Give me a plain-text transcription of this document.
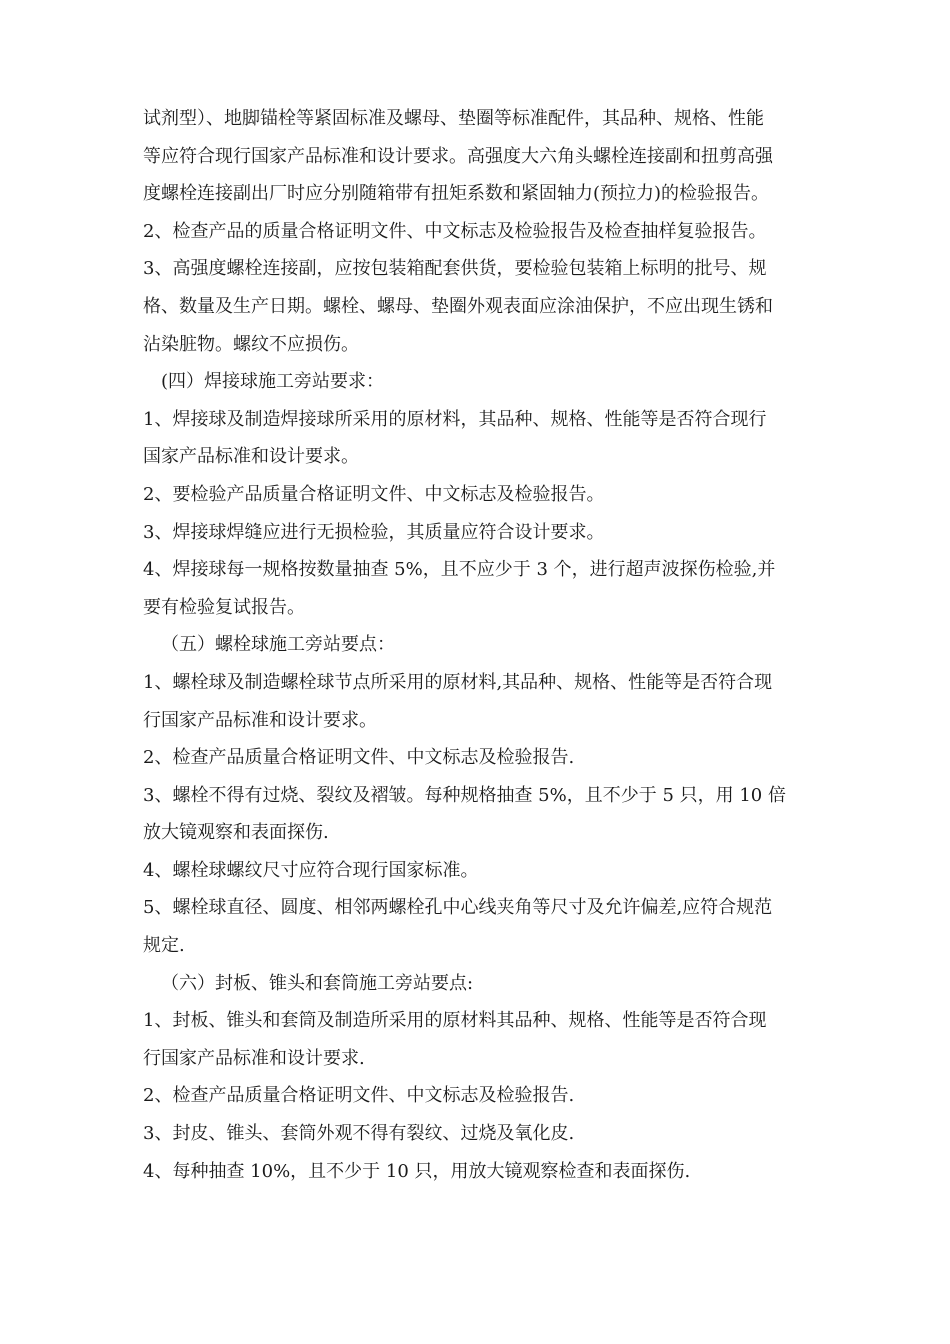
试剂型）、地脚锚栓等紧固标准及螺母、垫圈等标准配件，其品种、规格、性能

等应符合现行国家产品标准和设计要求。高强度大六角头螺栓连接副和扭剪高强

度螺栓连接副出厂时应分别随箱带有扭矩系数和紧固轴力(预拉力)的检验报告。

2、检查产品的质量合格证明文件、中文标志及检验报告及检查抽样复验报告。

3、高强度螺栓连接副，应按包装箱配套供货，要检验包装箱上标明的批号、规

格、数量及生产日期。螺栓、螺母、垫圈外观表面应涂油保护，不应出现生锈和

沾染脏物。螺纹不应损伤。

(四）焊接球施工旁站要求：

1、焊接球及制造焊接球所采用的原材料，其品种、规格、性能等是否符合现行

国家产品标准和设计要求。

2、要检验产品质量合格证明文件、中文标志及检验报告。

3、焊接球焊缝应进行无损检验，其质量应符合设计要求。

4、焊接球每一规格按数量抽查 5%，且不应少于 3 个，进行超声波探伤检验,并

要有检验复试报告。

（五）螺栓球施工旁站要点：

1、螺栓球及制造螺栓球节点所采用的原材料,其品种、规格、性能等是否符合现

行国家产品标准和设计要求。

2、检查产品质量合格证明文件、中文标志及检验报告.

3、螺栓不得有过烧、裂纹及褶皱。每种规格抽查 5%，且不少于 5 只，用 10 倍

放大镜观察和表面探伤.

4、螺栓球螺纹尺寸应符合现行国家标准。

5、螺栓球直径、圆度、相邻两螺栓孔中心线夹角等尺寸及允许偏差,应符合规范

规定.

（六）封板、锥头和套筒施工旁站要点:

1、封板、锥头和套筒及制造所采用的原材料其品种、规格、性能等是否符合现

行国家产品标准和设计要求.

2、检查产品质量合格证明文件、中文标志及检验报告.

3、封皮、锥头、套筒外观不得有裂纹、过烧及氧化皮.

4、每种抽查 10%，且不少于 10 只，用放大镜观察检查和表面探伤.
